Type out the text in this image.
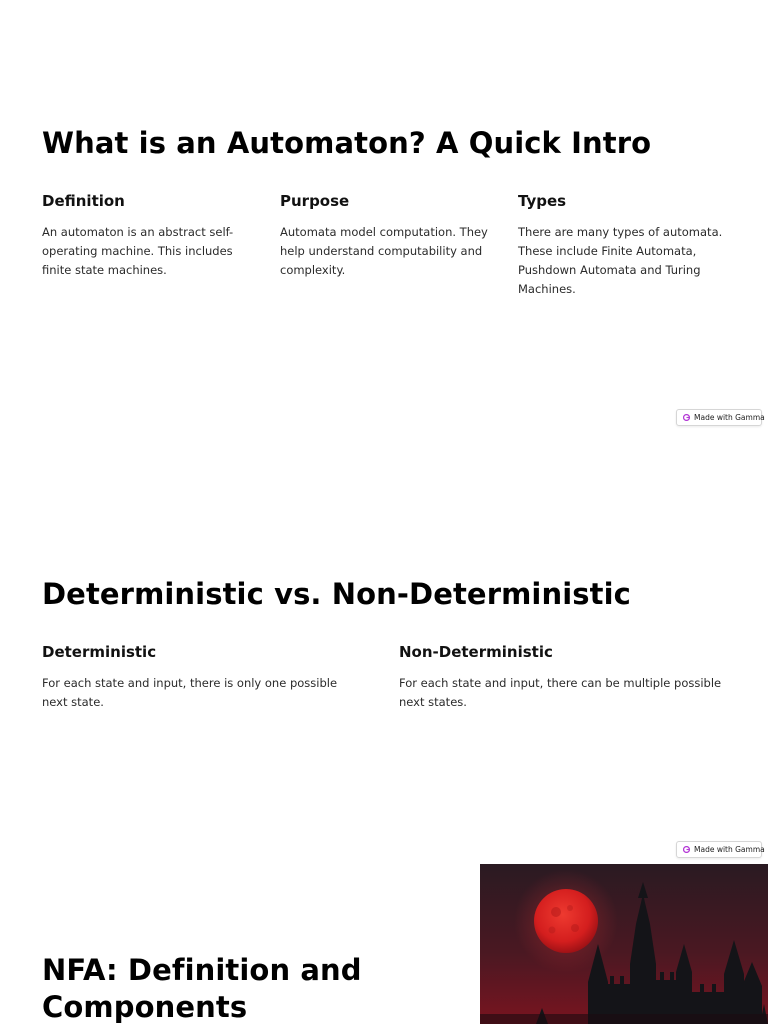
What is an Automaton? A Quick Intro
Definition

An automaton is an abstract self-operating machine. This includes finite state machines.

Purpose

Automata model computation. They help understand computability and complexity.

Types

There are many types of automata. These include Finite Automata, Pushdown Automata and Turing Machines.

Made with Gamma
Deterministic vs. Non-Deterministic
Deterministic

For each state and input, there is only one possible next state.

Non-Deterministic

For each state and input, there can be multiple possible next states.

Made with Gamma
NFA: Definition and Components
